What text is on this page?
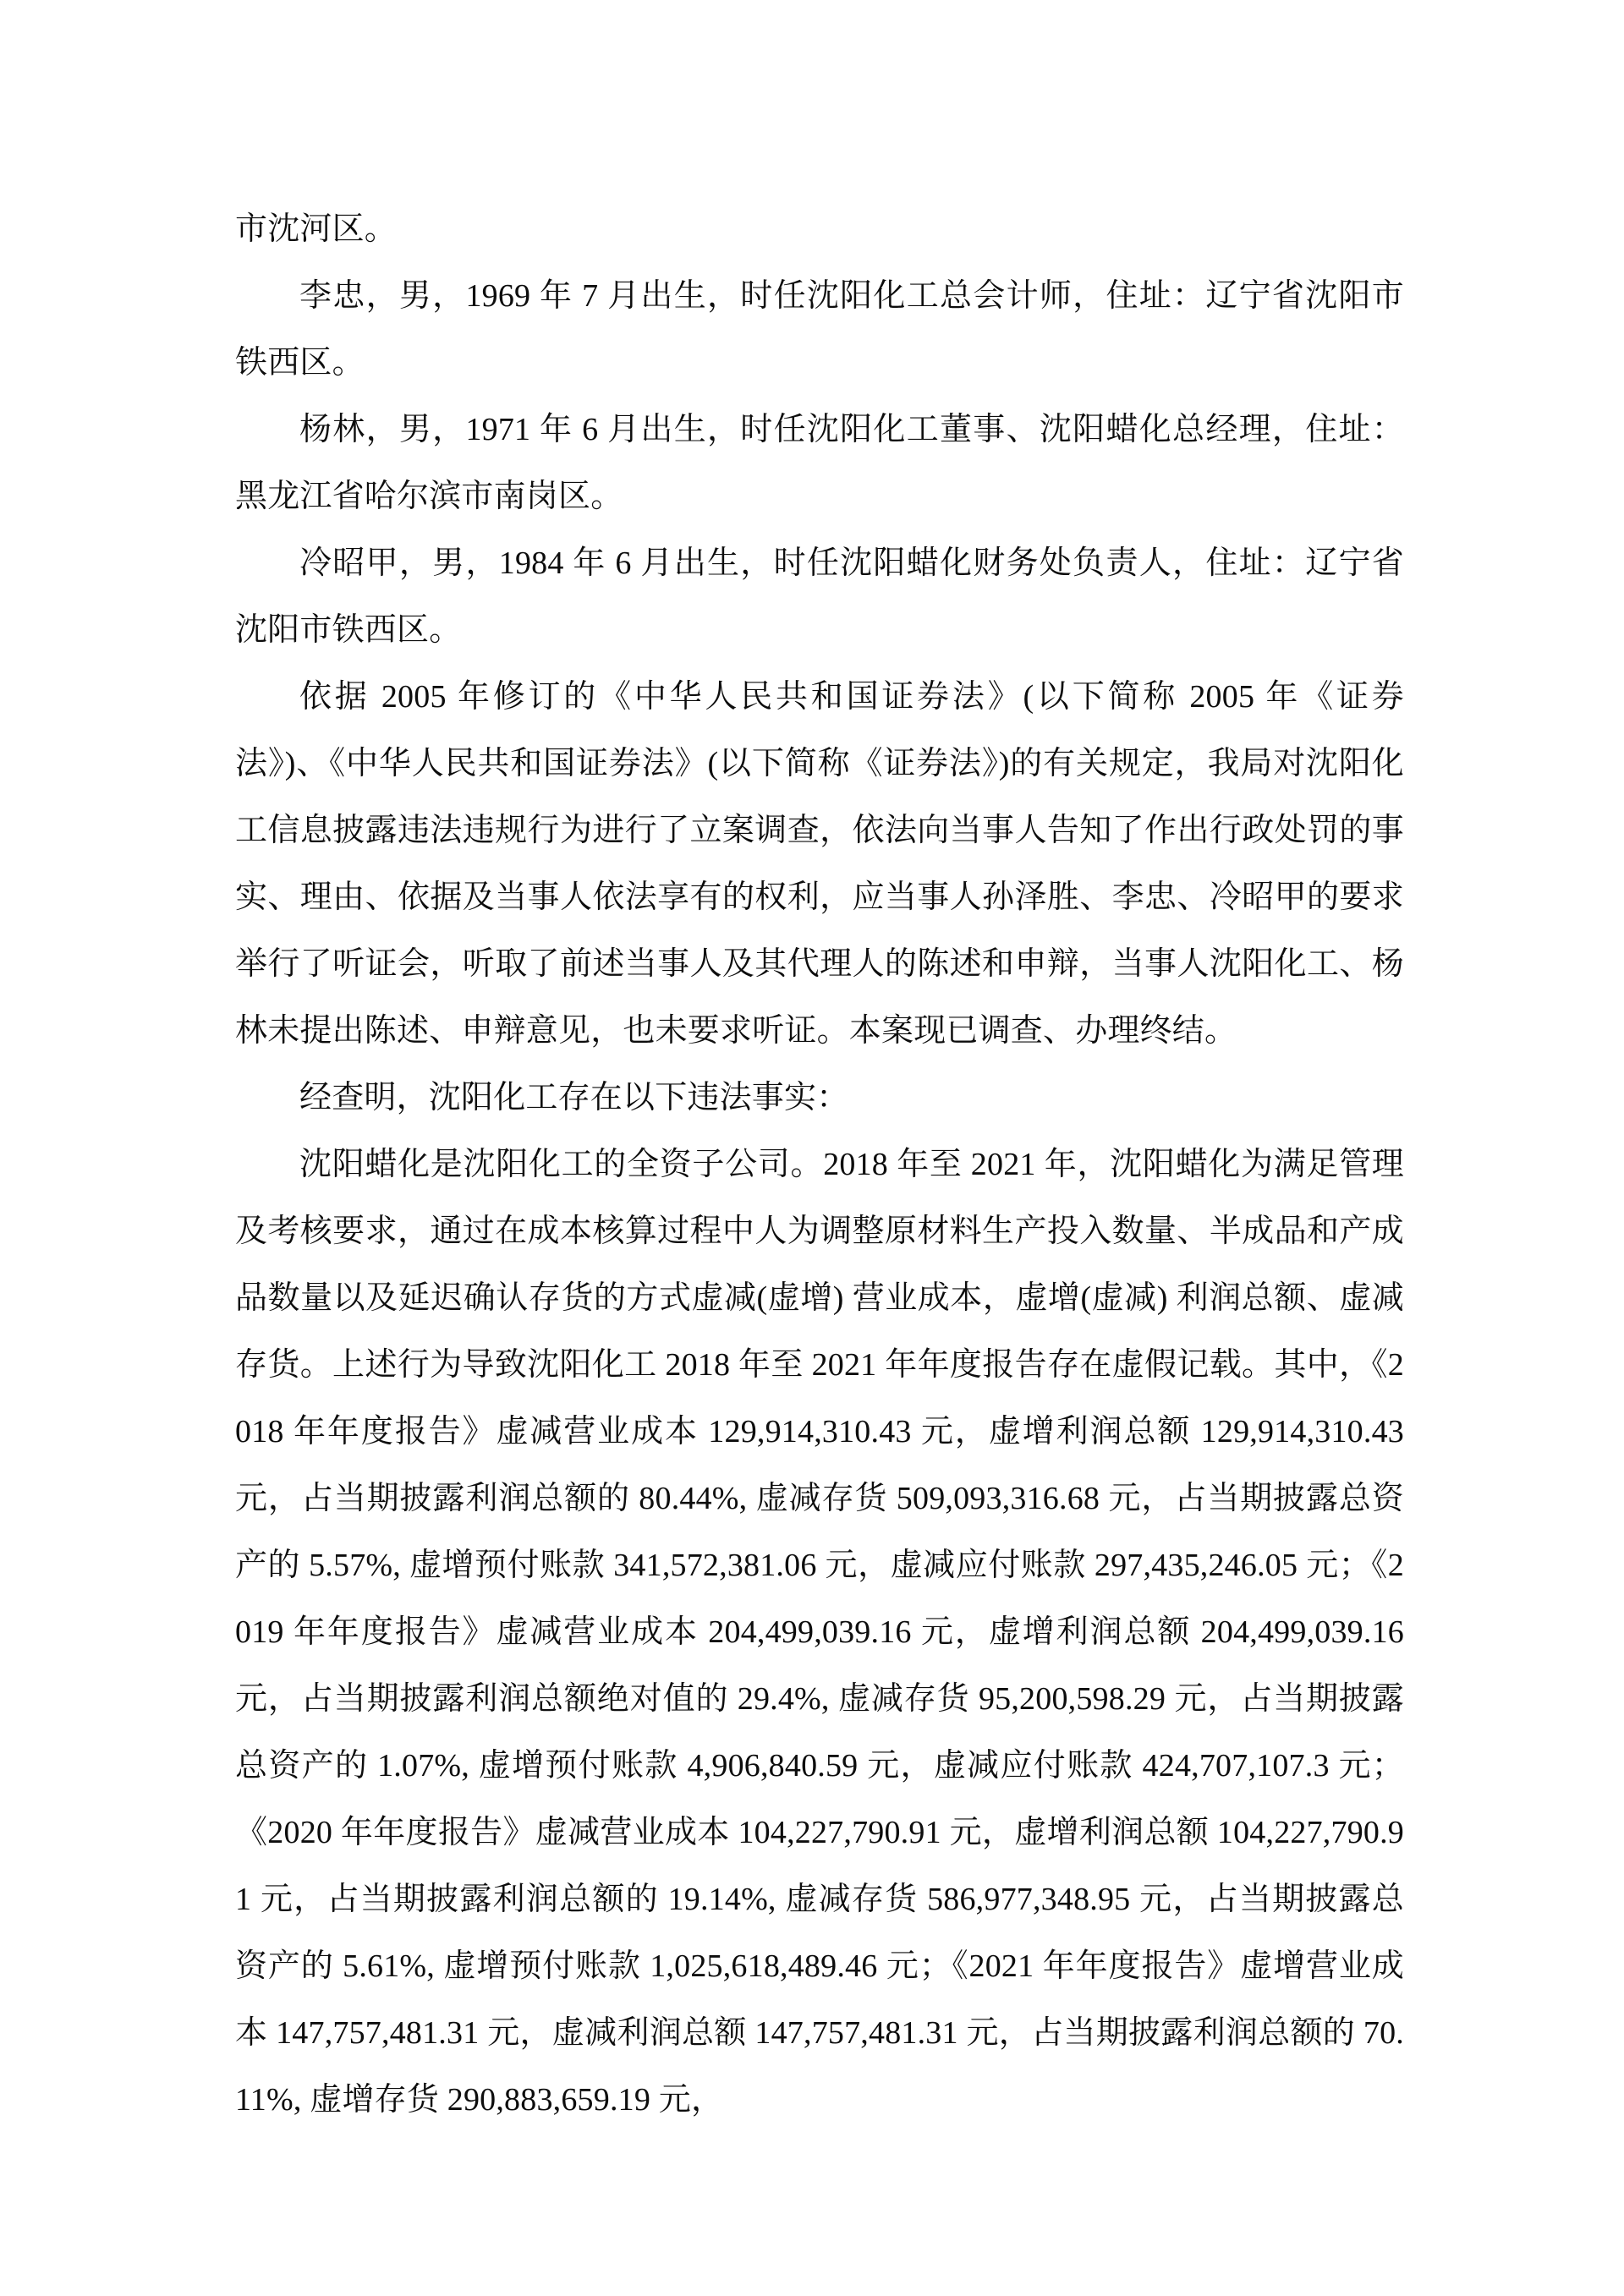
市沈河区。

李忠，男，1969 年 7 月出生，时任沈阳化工总会计师，住址：辽宁省沈阳市铁西区。

杨林，男，1971 年 6 月出生，时任沈阳化工董事、沈阳蜡化总经理，住址：黑龙江省哈尔滨市南岗区。

冷昭甲，男，1984 年 6 月出生，时任沈阳蜡化财务处负责人，住址：辽宁省沈阳市铁西区。

依据 2005 年修订的《中华人民共和国证券法》(以下简称 2005 年《证券法》)、《中华人民共和国证券法》(以下简称《证券法》)的有关规定，我局对沈阳化工信息披露违法违规行为进行了立案调查，依法向当事人告知了作出行政处罚的事实、理由、依据及当事人依法享有的权利，应当事人孙泽胜、李忠、冷昭甲的要求举行了听证会，听取了前述当事人及其代理人的陈述和申辩，当事人沈阳化工、杨林未提出陈述、申辩意见，也未要求听证。本案现已调查、办理终结。

经查明，沈阳化工存在以下违法事实：

沈阳蜡化是沈阳化工的全资子公司。2018 年至 2021 年，沈阳蜡化为满足管理及考核要求，通过在成本核算过程中人为调整原材料生产投入数量、半成品和产成品数量以及延迟确认存货的方式虚减(虚增) 营业成本，虚增(虚减) 利润总额、虚减存货。上述行为导致沈阳化工 2018 年至 2021 年年度报告存在虚假记载。其中，《2018 年年度报告》虚减营业成本 129,914,310.43 元，虚增利润总额 129,914,310.43 元，占当期披露利润总额的 80.44%, 虚减存货 509,093,316.68 元，占当期披露总资产的 5.57%, 虚增预付账款 341,572,381.06 元，虚减应付账款 297,435,246.05 元；《2019 年年度报告》虚减营业成本 204,499,039.16 元，虚增利润总额 204,499,039.16 元，占当期披露利润总额绝对值的 29.4%, 虚减存货 95,200,598.29 元，占当期披露总资产的 1.07%, 虚增预付账款 4,906,840.59 元，虚减应付账款 424,707,107.3 元；《2020 年年度报告》虚减营业成本 104,227,790.91 元，虚增利润总额 104,227,790.91 元，占当期披露利润总额的 19.14%, 虚减存货 586,977,348.95 元，占当期披露总资产的 5.61%, 虚增预付账款 1,025,618,489.46 元；《2021 年年度报告》虚增营业成本 147,757,481.31 元，虚减利润总额 147,757,481.31 元，占当期披露利润总额的 70.11%, 虚增存货 290,883,659.19 元，
